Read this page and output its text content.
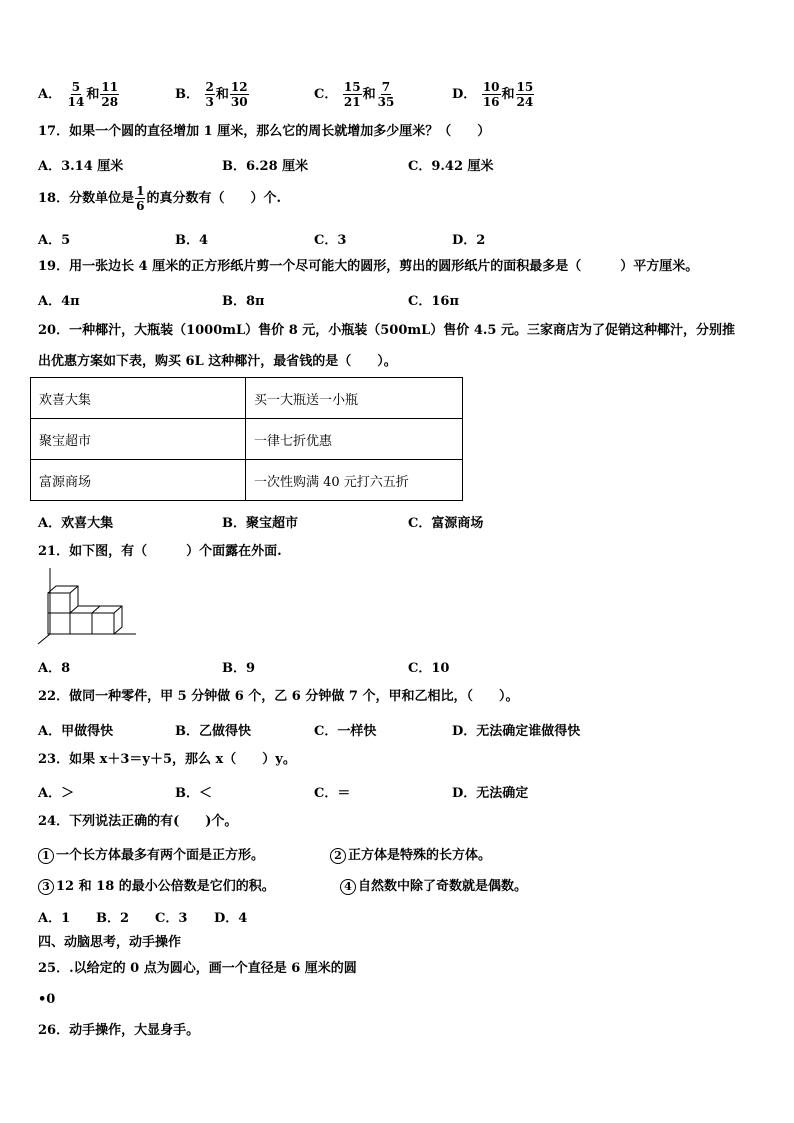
A． $\frac{5}{14}$ 和 $\frac{11}{28}$	B． $\frac{2}{3}$ 和 $\frac{12}{30}$	C． $\frac{15}{21}$ 和 $\frac{7}{35}$	D． $\frac{10}{16}$ 和 $\frac{15}{24}$
17．如果一个圆的直径增加 1 厘米，那么它的周长就增加多少厘米？（　　）
A．3.14 厘米	B．6.28 厘米	C．9.42 厘米
18．分数单位是 $\frac{1}{6}$ 的真分数有（　　）个.
A．5	B．4	C．3	D．2
19．用一张边长 4 厘米的正方形纸片剪一个尽可能大的圆形，剪出的圆形纸片的面积最多是（　　　）平方厘米。
A．4π	B．8π	C．16π
20．一种椰汁，大瓶装（1000mL）售价 8 元，小瓶装（500mL）售价 4.5 元。三家商店为了促销这种椰汁，分别推
出优惠方案如下表，购买 6L 这种椰汁，最省钱的是（　　）。
欢喜大集	买一大瓶送一小瓶
聚宝超市	一律七折优惠
富源商场	一次性购满 40 元打六五折
A．欢喜大集	B．聚宝超市	C．富源商场
21．如下图，有（　　　）个面露在外面.
A．8	B．9	C．10
22．做同一种零件，甲 5 分钟做 6 个，乙 6 分钟做 7 个，甲和乙相比，（　　）。
A．甲做得快	B．乙做得快	C．一样快	D．无法确定谁做得快
23．如果 x＋3＝y＋5，那么 x（　　）y。
A．＞	B．＜	C．＝	D．无法确定
24．下列说法正确的有(　　)个。
1 一个长方体最多有两个面是正方形。	2 正方体是特殊的长方体。
3 12 和 18 的最小公倍数是它们的积。	4 自然数中除了奇数就是偶数。
A．1 B．2 C．3 D．4
四、动脑思考，动手操作
25．.以给定的 0 点为圆心，画一个直径是 6 厘米的圆
•0
26．动手操作，大显身手。
